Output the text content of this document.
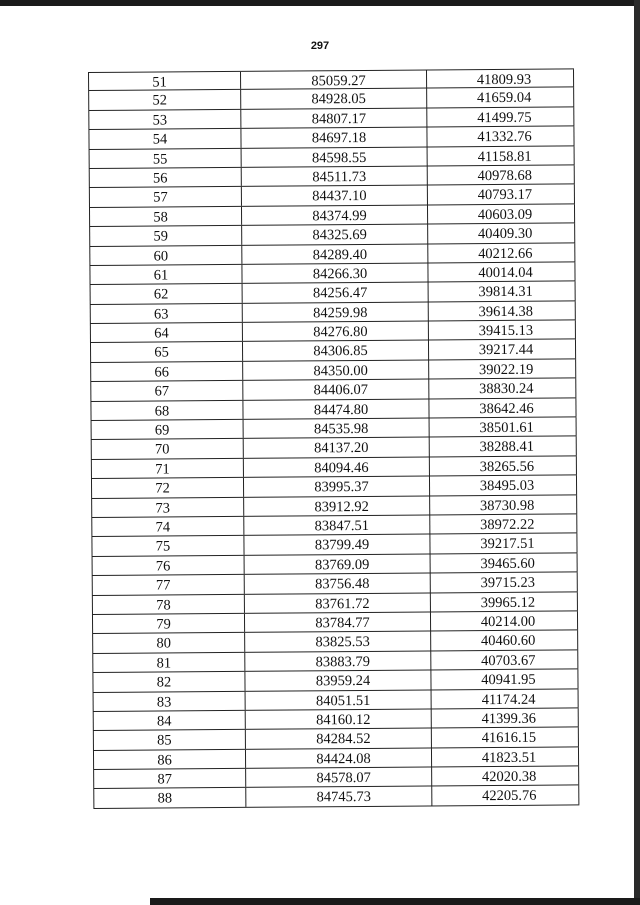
297
51	85059.27	41809.93
52	84928.05	41659.04
53	84807.17	41499.75
54	84697.18	41332.76
55	84598.55	41158.81
56	84511.73	40978.68
57	84437.10	40793.17
58	84374.99	40603.09
59	84325.69	40409.30
60	84289.40	40212.66
61	84266.30	40014.04
62	84256.47	39814.31
63	84259.98	39614.38
64	84276.80	39415.13
65	84306.85	39217.44
66	84350.00	39022.19
67	84406.07	38830.24
68	84474.80	38642.46
69	84535.98	38501.61
70	84137.20	38288.41
71	84094.46	38265.56
72	83995.37	38495.03
73	83912.92	38730.98
74	83847.51	38972.22
75	83799.49	39217.51
76	83769.09	39465.60
77	83756.48	39715.23
78	83761.72	39965.12
79	83784.77	40214.00
80	83825.53	40460.60
81	83883.79	40703.67
82	83959.24	40941.95
83	84051.51	41174.24
84	84160.12	41399.36
85	84284.52	41616.15
86	84424.08	41823.51
87	84578.07	42020.38
88	84745.73	42205.76
